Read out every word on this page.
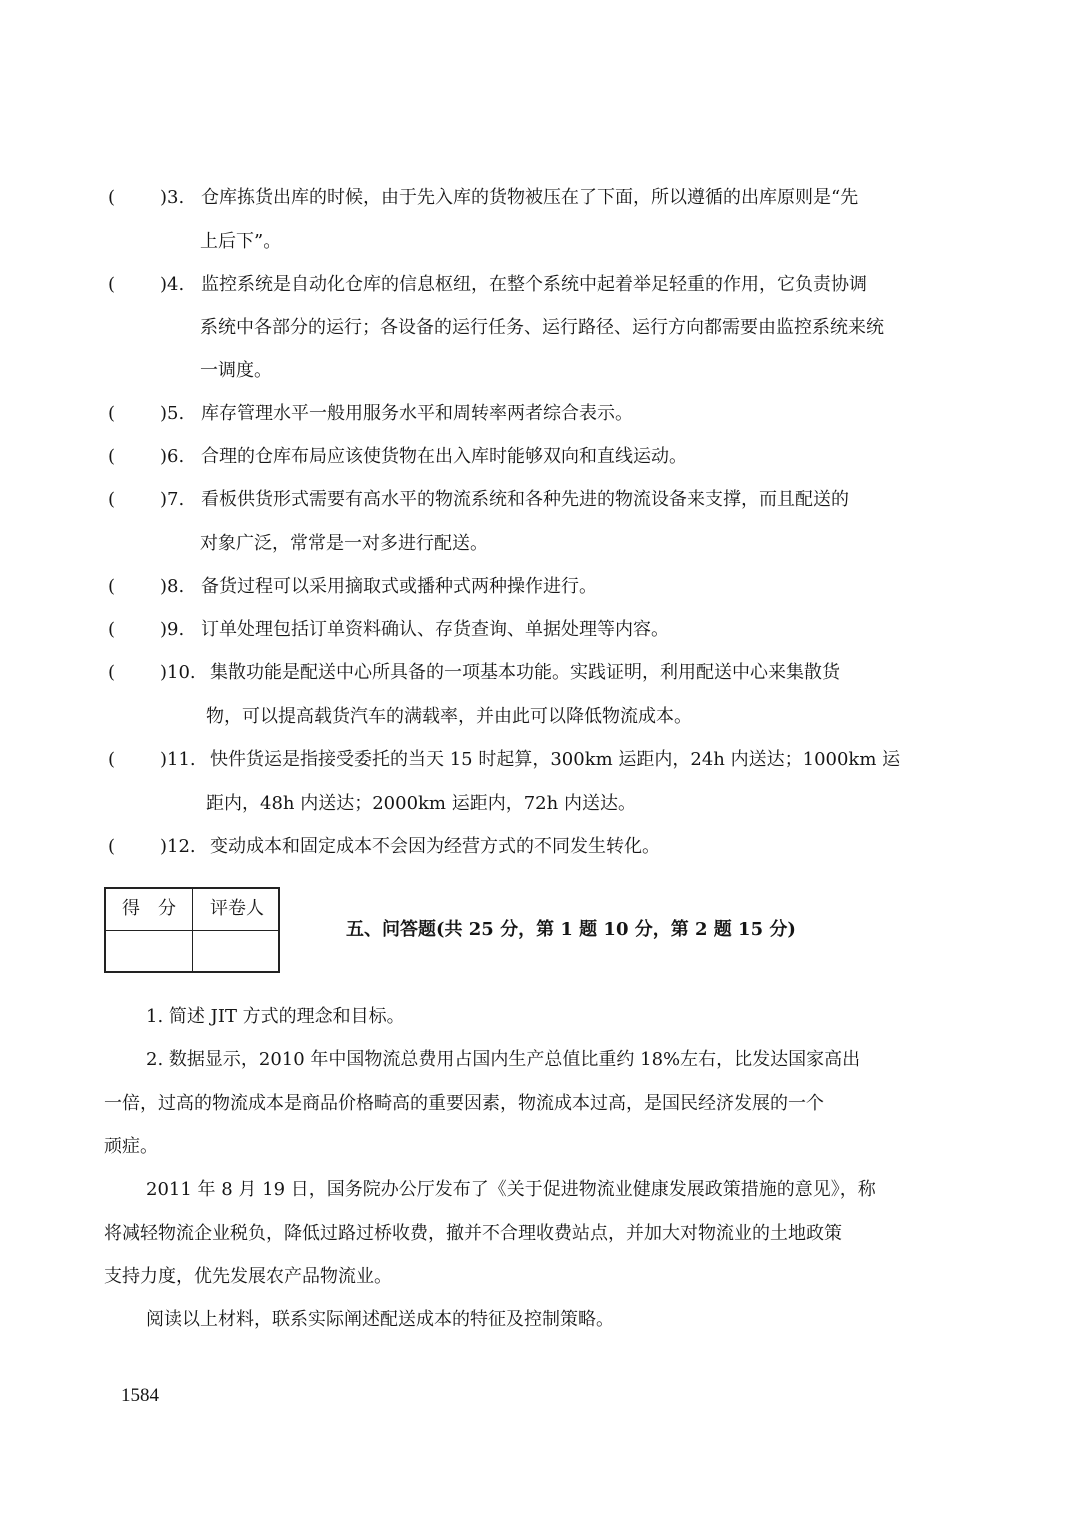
( )3. 仓库拣货出库的时候，由于先入库的货物被压在了下面，所以遵循的出库原则是“先
上后下”。
( )4. 监控系统是自动化仓库的信息枢纽，在整个系统中起着举足轻重的作用，它负责协调
系统中各部分的运行；各设备的运行任务、运行路径、运行方向都需要由监控系统来统
一调度。
( )5. 库存管理水平一般用服务水平和周转率两者综合表示。
( )6. 合理的仓库布局应该使货物在出入库时能够双向和直线运动。
( )7. 看板供货形式需要有高水平的物流系统和各种先进的物流设备来支撑，而且配送的
对象广泛，常常是一对多进行配送。
( )8. 备货过程可以采用摘取式或播种式两种操作进行。
( )9. 订单处理包括订单资料确认、存货查询、单据处理等内容。
( )10. 集散功能是配送中心所具备的一项基本功能。实践证明，利用配送中心来集散货
物，可以提高载货汽车的满载率，并由此可以降低物流成本。
( )11. 快件货运是指接受委托的当天 15 时起算，300km 运距内，24h 内送达；1000km 运
距内，48h 内送达；2000km 运距内，72h 内送达。
( )12. 变动成本和固定成本不会因为经营方式的不同发生转化。
得　分	评卷人
五、问答题(共 25 分，第 1 题 10 分，第 2 题 15 分)
1. 简述 JIT 方式的理念和目标。
2. 数据显示，2010 年中国物流总费用占国内生产总值比重约 18%左右，比发达国家高出
一倍，过高的物流成本是商品价格畸高的重要因素，物流成本过高，是国民经济发展的一个
顽症。
2011 年 8 月 19 日，国务院办公厅发布了《关于促进物流业健康发展政策措施的意见》，称
将减轻物流企业税负，降低过路过桥收费，撤并不合理收费站点，并加大对物流业的土地政策
支持力度，优先发展农产品物流业。
阅读以上材料，联系实际阐述配送成本的特征及控制策略。
1584
